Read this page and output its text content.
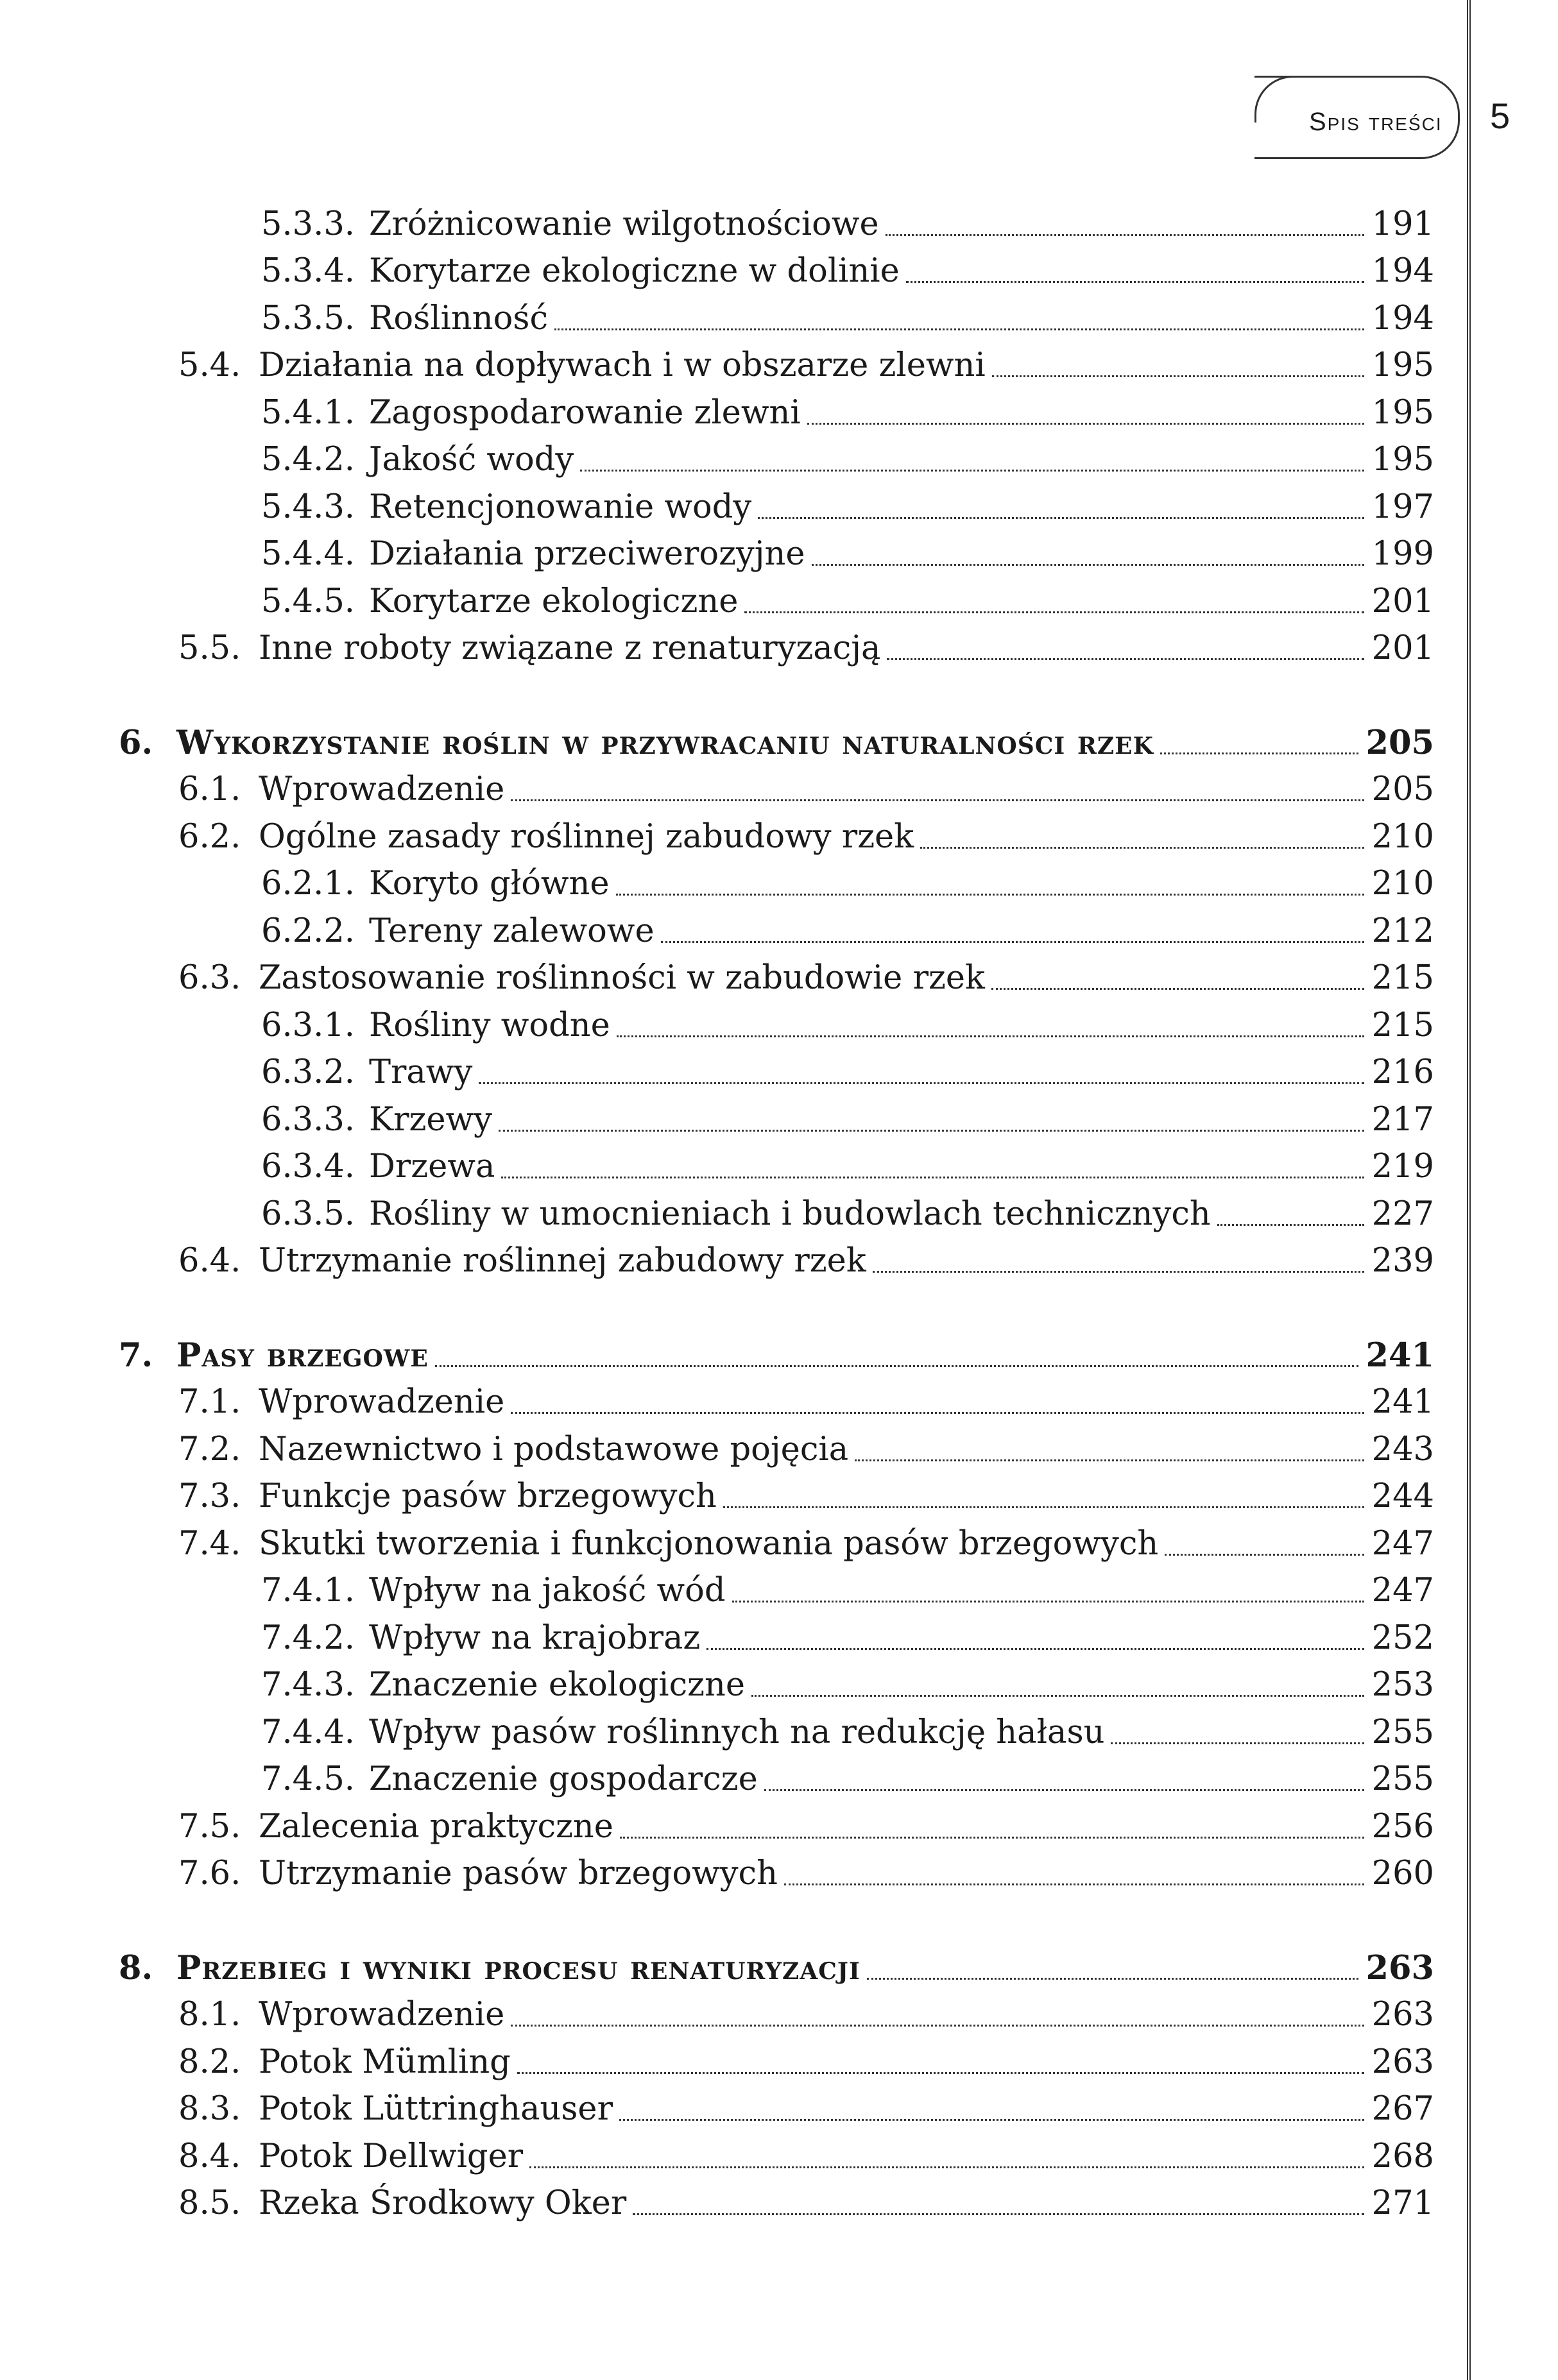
Spis treści 5
5.3.3. Zróżnicowanie wilgotnościowe	191
5.3.4. Korytarze ekologiczne w dolinie	194
5.3.5. Roślinność	194
5.4. Działania na dopływach i w obszarze zlewni	195
5.4.1. Zagospodarowanie zlewni	195
5.4.2. Jakość wody	195
5.4.3. Retencjonowanie wody	197
5.4.4. Działania przeciwerozyjne	199
5.4.5. Korytarze ekologiczne	201
5.5. Inne roboty związane z renaturyzacją	201
6. Wykorzystanie roślin w przywracaniu naturalności rzek	205
6.1. Wprowadzenie	205
6.2. Ogólne zasady roślinnej zabudowy rzek	210
6.2.1. Koryto główne	210
6.2.2. Tereny zalewowe	212
6.3. Zastosowanie roślinności w zabudowie rzek	215
6.3.1. Rośliny wodne	215
6.3.2. Trawy	216
6.3.3. Krzewy	217
6.3.4. Drzewa	219
6.3.5. Rośliny w umocnieniach i budowlach technicznych	227
6.4. Utrzymanie roślinnej zabudowy rzek	239
7. Pasy brzegowe	241
7.1. Wprowadzenie	241
7.2. Nazewnictwo i podstawowe pojęcia	243
7.3. Funkcje pasów brzegowych	244
7.4. Skutki tworzenia i funkcjonowania pasów brzegowych	247
7.4.1. Wpływ na jakość wód	247
7.4.2. Wpływ na krajobraz	252
7.4.3. Znaczenie ekologiczne	253
7.4.4. Wpływ pasów roślinnych na redukcję hałasu	255
7.4.5. Znaczenie gospodarcze	255
7.5. Zalecenia praktyczne	256
7.6. Utrzymanie pasów brzegowych	260
8. Przebieg i wyniki procesu renaturyzacji	263
8.1. Wprowadzenie	263
8.2. Potok Mümling	263
8.3. Potok Lüttringhauser	267
8.4. Potok Dellwiger	268
8.5. Rzeka Środkowy Oker	271
